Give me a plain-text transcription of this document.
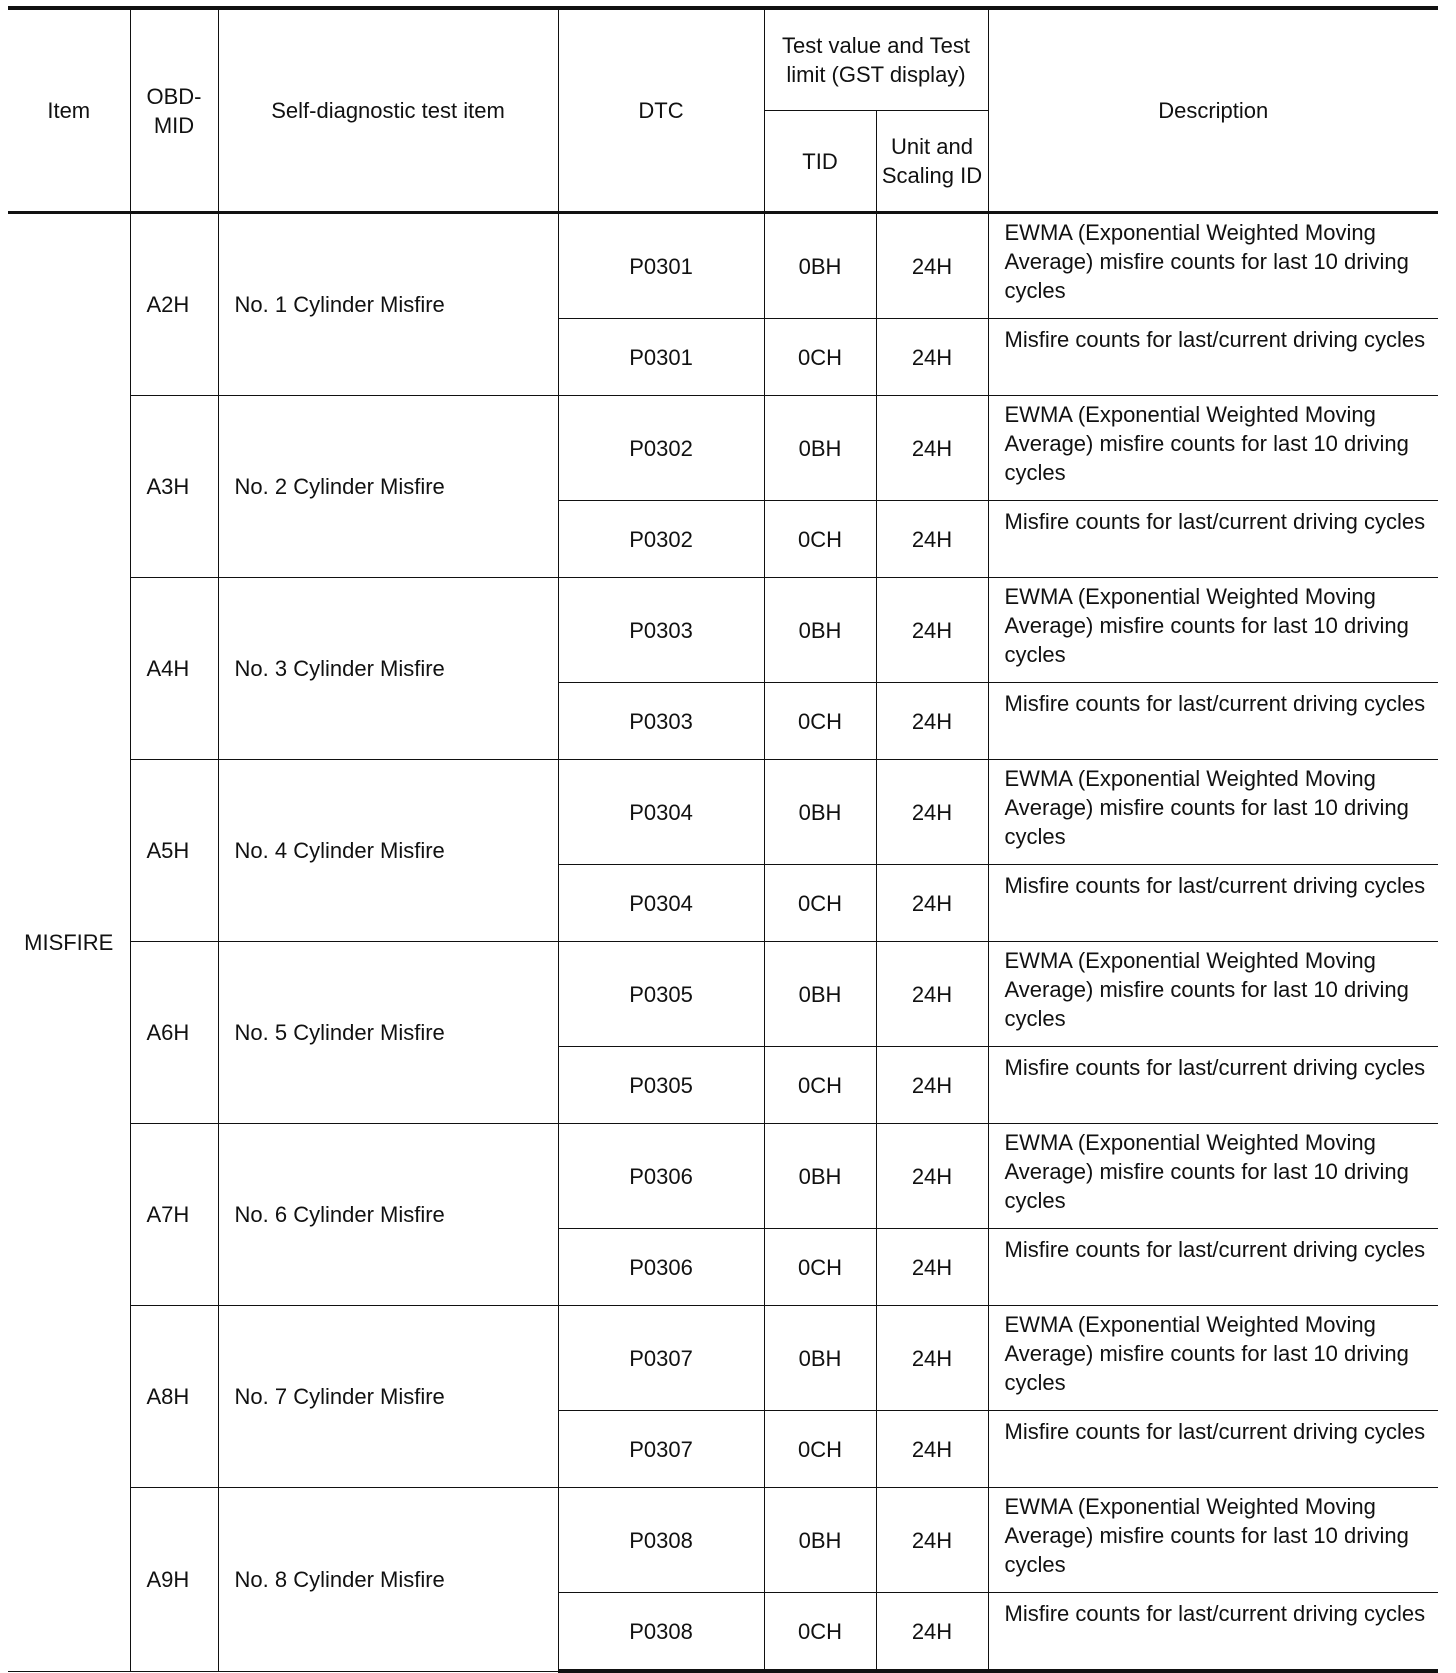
Item	OBD-MID	Self-diagnostic test item	DTC	Test value and Test limit (GST display)		Description
				TID	Unit and Scaling ID	
MISFIRE	A2H	No. 1 Cylinder Misfire	P0301	0BH	24H	EWMA (Exponential Weighted Moving Average) misfire counts for last 10 driving cycles
			P0301	0CH	24H	Misfire counts for last/current driving cycles
	A3H	No. 2 Cylinder Misfire	P0302	0BH	24H	EWMA (Exponential Weighted Moving Average) misfire counts for last 10 driving cycles
			P0302	0CH	24H	Misfire counts for last/current driving cycles
	A4H	No. 3 Cylinder Misfire	P0303	0BH	24H	EWMA (Exponential Weighted Moving Average) misfire counts for last 10 driving cycles
			P0303	0CH	24H	Misfire counts for last/current driving cycles
	A5H	No. 4 Cylinder Misfire	P0304	0BH	24H	EWMA (Exponential Weighted Moving Average) misfire counts for last 10 driving cycles
			P0304	0CH	24H	Misfire counts for last/current driving cycles
	A6H	No. 5 Cylinder Misfire	P0305	0BH	24H	EWMA (Exponential Weighted Moving Average) misfire counts for last 10 driving cycles
			P0305	0CH	24H	Misfire counts for last/current driving cycles
	A7H	No. 6 Cylinder Misfire	P0306	0BH	24H	EWMA (Exponential Weighted Moving Average) misfire counts for last 10 driving cycles
			P0306	0CH	24H	Misfire counts for last/current driving cycles
	A8H	No. 7 Cylinder Misfire	P0307	0BH	24H	EWMA (Exponential Weighted Moving Average) misfire counts for last 10 driving cycles
			P0307	0CH	24H	Misfire counts for last/current driving cycles
	A9H	No. 8 Cylinder Misfire	P0308	0BH	24H	EWMA (Exponential Weighted Moving Average) misfire counts for last 10 driving cycles
			P0308	0CH	24H	Misfire counts for last/current driving cycles
